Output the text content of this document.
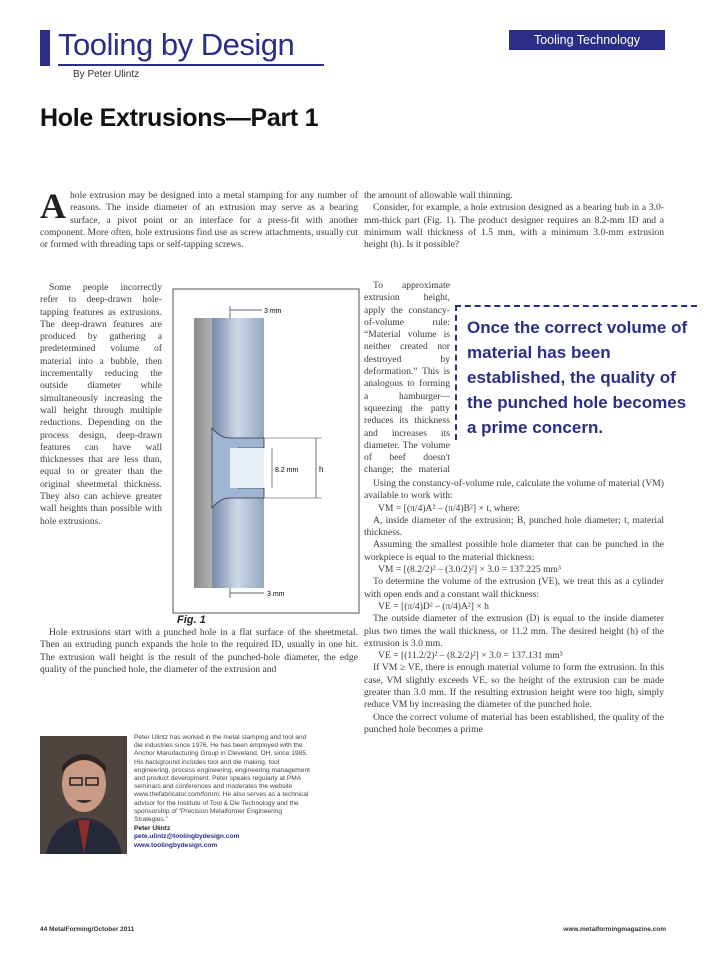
Tooling by Design
By Peter Ulintz
Tooling Technology
Hole Extrusions—Part 1
A hole extrusion may be designed into a metal stamping for any number of reasons. The inside diameter of an extrusion may serve as a bearing surface, a pivot point or an interface for a press-fit with another component. More often, hole extrusions find use as screw attachments, usually cut or formed with threading taps or self-tapping screws.

Some people incorrectly refer to deep-drawn hole-tapping features as extrusions. The deep-drawn features are produced by gathering a predetermined volume of material into a bubble, then incrementally reducing the outside diameter while simultaneously increasing the wall height through multiple reductions. Depending on the process design, deep-drawn features can have wall thicknesses that are less than, equal to or greater than the original sheetmetal thickness. They also can achieve greater wall heights than possible with hole extrusions.

Hole extrusions start with a punched hole in a flat surface of the sheetmetal. Then an extruding punch expands the hole to the required ID, usually in one hit. The extrusion wall height is the result of the punched-hole diameter, the edge quality of the punched hole, the diameter of the extrusion and

3 mm
h
8.2 mm
3 mm
Fig. 1

the amount of allowable wall thinning.

Consider, for example, a hole extrusion designed as a bearing hub in a 3.0-mm-thick part (Fig. 1). The product designer requires an 8.2-mm ID and a minimum wall thickness of 1.5 mm, with a minimum 3.0-mm extrusion height (h). Is it possible?

To approximate extrusion height, apply the constancy-of-volume rule: “Material volume is neither created nor destroyed by deformation.” This is analogous to forming a hamburger—squeezing the patty reduces its thickness and increases its diameter. The volume of beef doesn't change; the material

Once the correct volume of material has been established, the quality of the punched hole becomes a prime concern.

Using the constancy-of-volume rule, calculate the volume of material (VM) available to work with:

VM = [(π/4)A² – (π/4)B²] × t, where:

A, inside diameter of the extrusion; B, punched hole diameter; t, material thickness.

Assuming the smallest possible hole diameter that can be punched in the workpiece is equal to the material thickness:

VM = [(8.2/2)² – (3.0/2)²] × 3.0 = 137.225 mm³

To determine the volume of the extrusion (VE), we treat this as a cylinder with open ends and a constant wall thickness:

VE = [(π/4)D² – (π/4)A²] × h

The outside diameter of the extrusion (D) is equal to the inside diameter plus two times the wall thickness, or 11.2 mm. The desired height (h) of the extrusion is 3.0 mm.

VE = [(11.2/2)² – (8.2/2)²] × 3.0 = 137.131 mm³

If VM ≥ VE, there is enough material volume to form the extrusion. In this case, VM slightly exceeds VE, so the height of the extrusion can be made greater than 3.0 mm. If the resulting extrusion height were too high, simply reduce VM by increasing the diameter of the punched hole.

Once the correct volume of material has been established, the quality of the punched hole becomes a prime

Peter Ulintz has worked in the metal stamping and tool and die industries since 1976. He has been employed with the Anchor Manufacturing Group in Cleveland, OH, since 1985. His background includes tool and die making, tool engineering, process engineering, engineering management and product development. Peter speaks regularly at PMA seminars and conferences and moderates the website www.thefabricator.com/forum. He also serves as a technical advisor for the Institute of Tool & Die Technology and the sponsorship of “Precision Metalformer Engineering Strategies.”
Peter Ulintz
pete.ulintz@toolingbydesign.com
www.toolingbydesign.com
44 MetalForming/October 2011	www.metalformingmagazine.com
